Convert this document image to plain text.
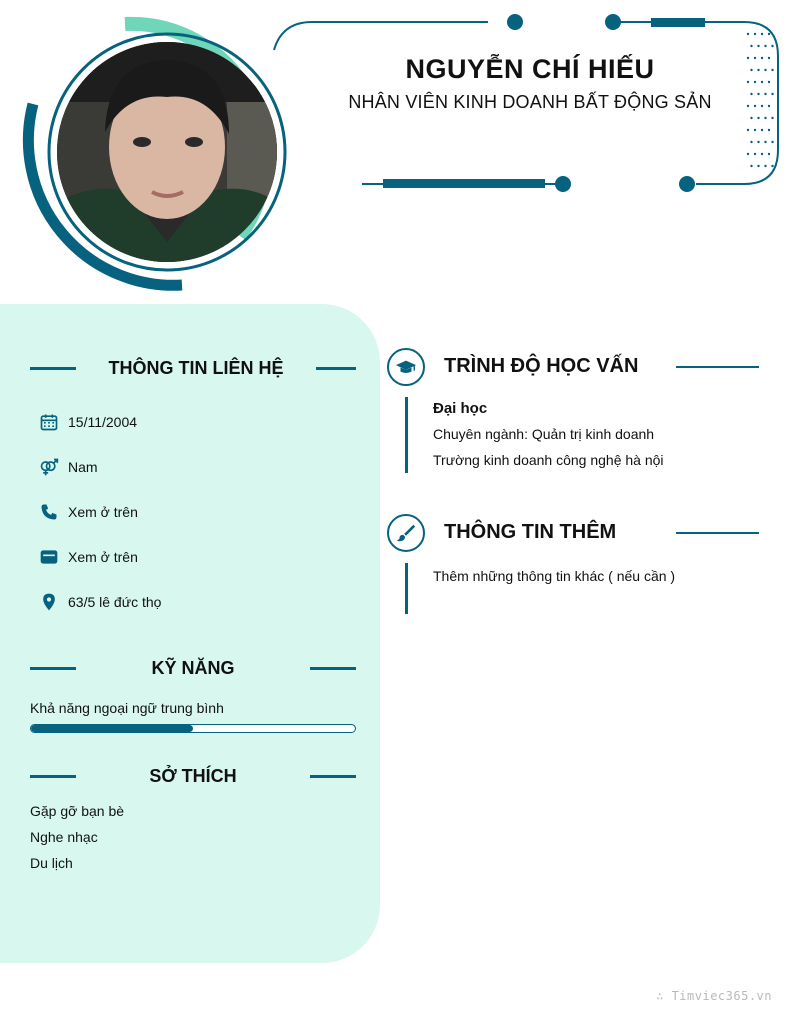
NGUYỄN CHÍ HIẾU
NHÂN VIÊN KINH DOANH BẤT ĐỘNG SẢN
THÔNG TIN LIÊN HỆ
15/11/2004
Nam
Xem ở trên
Xem ở trên
63/5 lê đức thọ
KỸ NĂNG
Khả năng ngoại ngữ trung bình
SỞ THÍCH
Gặp gỡ bạn bè
Nghe nhạc
Du lịch
TRÌNH ĐỘ HỌC VẤN
Đại học
Chuyên ngành: Quản trị kinh doanh
Trường kinh doanh công nghệ hà nội
THÔNG TIN THÊM
Thêm những thông tin khác ( nếu cần )
∴ Timviec365.vn
